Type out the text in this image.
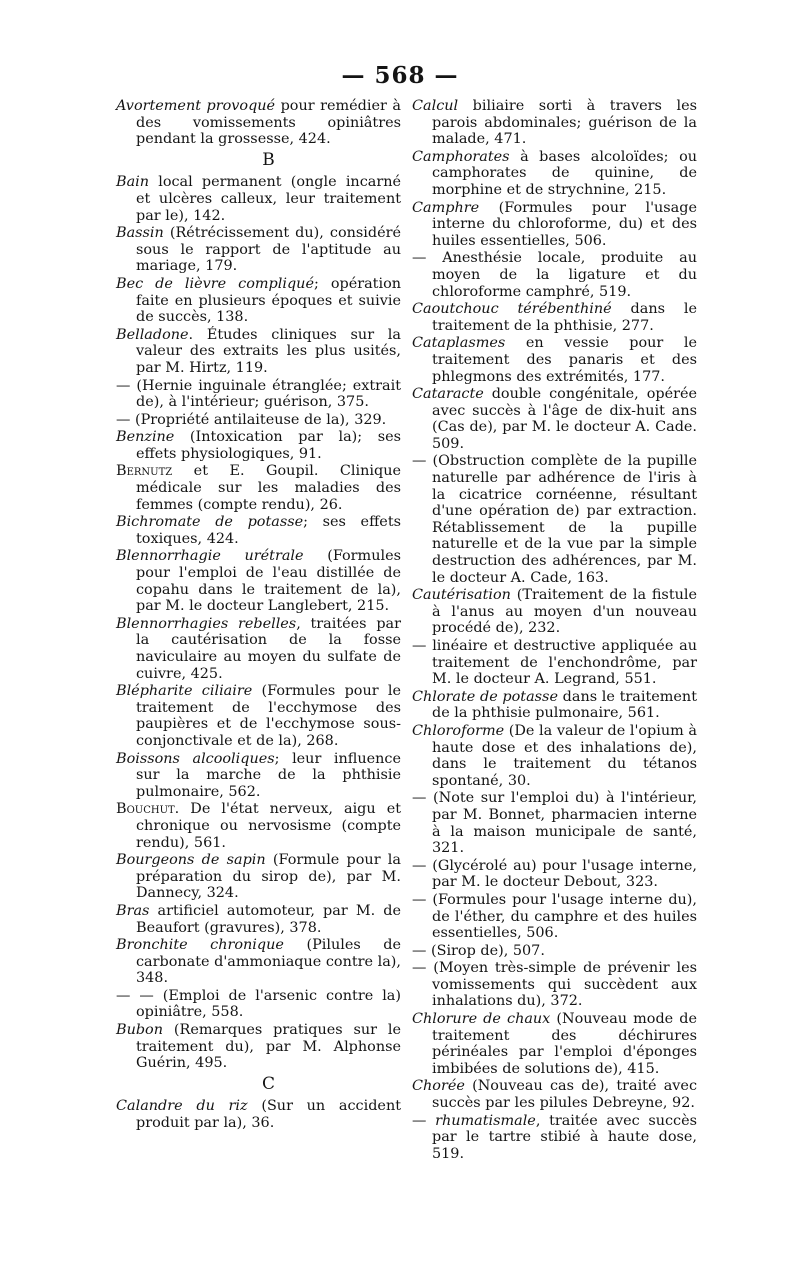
— 568 —

Avortement provoqué pour remédier à des vomissements opiniâtres pendant la grossesse, 424.

B

Bain local permanent (ongle incarné et ulcères calleux, leur traitement par le), 142.

Bassin (Rétrécissement du), considéré sous le rapport de l'aptitude au mariage, 179.

Bec de lièvre compliqué; opération faite en plusieurs époques et suivie de succès, 138.

Belladone. Études cliniques sur la valeur des extraits les plus usités, par M. Hirtz, 119.

— (Hernie inguinale étranglée; extrait de), à l'intérieur; guérison, 375.

— (Propriété antilaiteuse de la), 329.

Benzine (Intoxication par la); ses effets physiologiques, 91.

Bernutz et E. Goupil. Clinique médicale sur les maladies des femmes (compte rendu), 26.

Bichromate de potasse; ses effets toxiques, 424.

Blennorrhagie urétrale (Formules pour l'emploi de l'eau distillée de copahu dans le traitement de la), par M. le docteur Langlebert, 215.

Blennorrhagies rebelles, traitées par la cautérisation de la fosse naviculaire au moyen du sulfate de cuivre, 425.

Blépharite ciliaire (Formules pour le traitement de l'ecchymose des paupières et de l'ecchymose sous-conjonctivale et de la), 268.

Boissons alcooliques; leur influence sur la marche de la phthisie pulmonaire, 562.

Bouchut. De l'état nerveux, aigu et chronique ou nervosisme (compte rendu), 561.

Bourgeons de sapin (Formule pour la préparation du sirop de), par M. Dannecy, 324.

Bras artificiel automoteur, par M. de Beaufort (gravures), 378.

Bronchite chronique (Pilules de carbonate d'ammoniaque contre la), 348.

— — (Emploi de l'arsenic contre la) opiniâtre, 558.

Bubon (Remarques pratiques sur le traitement du), par M. Alphonse Guérin, 495.

C

Calandre du riz (Sur un accident produit par la), 36.

Calcul biliaire sorti à travers les parois abdominales; guérison de la malade, 471.

Camphorates à bases alcoloïdes; ou camphorates de quinine, de morphine et de strychnine, 215.

Camphre (Formules pour l'usage interne du chloroforme, du) et des huiles essentielles, 506.

— Anesthésie locale, produite au moyen de la ligature et du chloroforme camphré, 519.

Caoutchouc térébenthiné dans le traitement de la phthisie, 277.

Cataplasmes en vessie pour le traitement des panaris et des phlegmons des extrémités, 177.

Cataracte double congénitale, opérée avec succès à l'âge de dix-huit ans (Cas de), par M. le docteur A. Cade. 509.

— (Obstruction complète de la pupille naturelle par adhérence de l'iris à la cicatrice cornéenne, résultant d'une opération de) par extraction. Rétablissement de la pupille naturelle et de la vue par la simple destruction des adhérences, par M. le docteur A. Cade, 163.

Cautérisation (Traitement de la fistule à l'anus au moyen d'un nouveau procédé de), 232.

— linéaire et destructive appliquée au traitement de l'enchondrôme, par M. le docteur A. Legrand, 551.

Chlorate de potasse dans le traitement de la phthisie pulmonaire, 561.

Chloroforme (De la valeur de l'opium à haute dose et des inhalations de), dans le traitement du tétanos spontané, 30.

— (Note sur l'emploi du) à l'intérieur, par M. Bonnet, pharmacien interne à la maison municipale de santé, 321.

— (Glycérolé au) pour l'usage interne, par M. le docteur Debout, 323.

— (Formules pour l'usage interne du), de l'éther, du camphre et des huiles essentielles, 506.

— (Sirop de), 507.

— (Moyen très-simple de prévenir les vomissements qui succèdent aux inhalations du), 372.

Chlorure de chaux (Nouveau mode de traitement des déchirures périnéales par l'emploi d'éponges imbibées de solutions de), 415.

Chorée (Nouveau cas de), traité avec succès par les pilules Debreyne, 92.

— rhumatismale, traitée avec succès par le tartre stibié à haute dose, 519.
